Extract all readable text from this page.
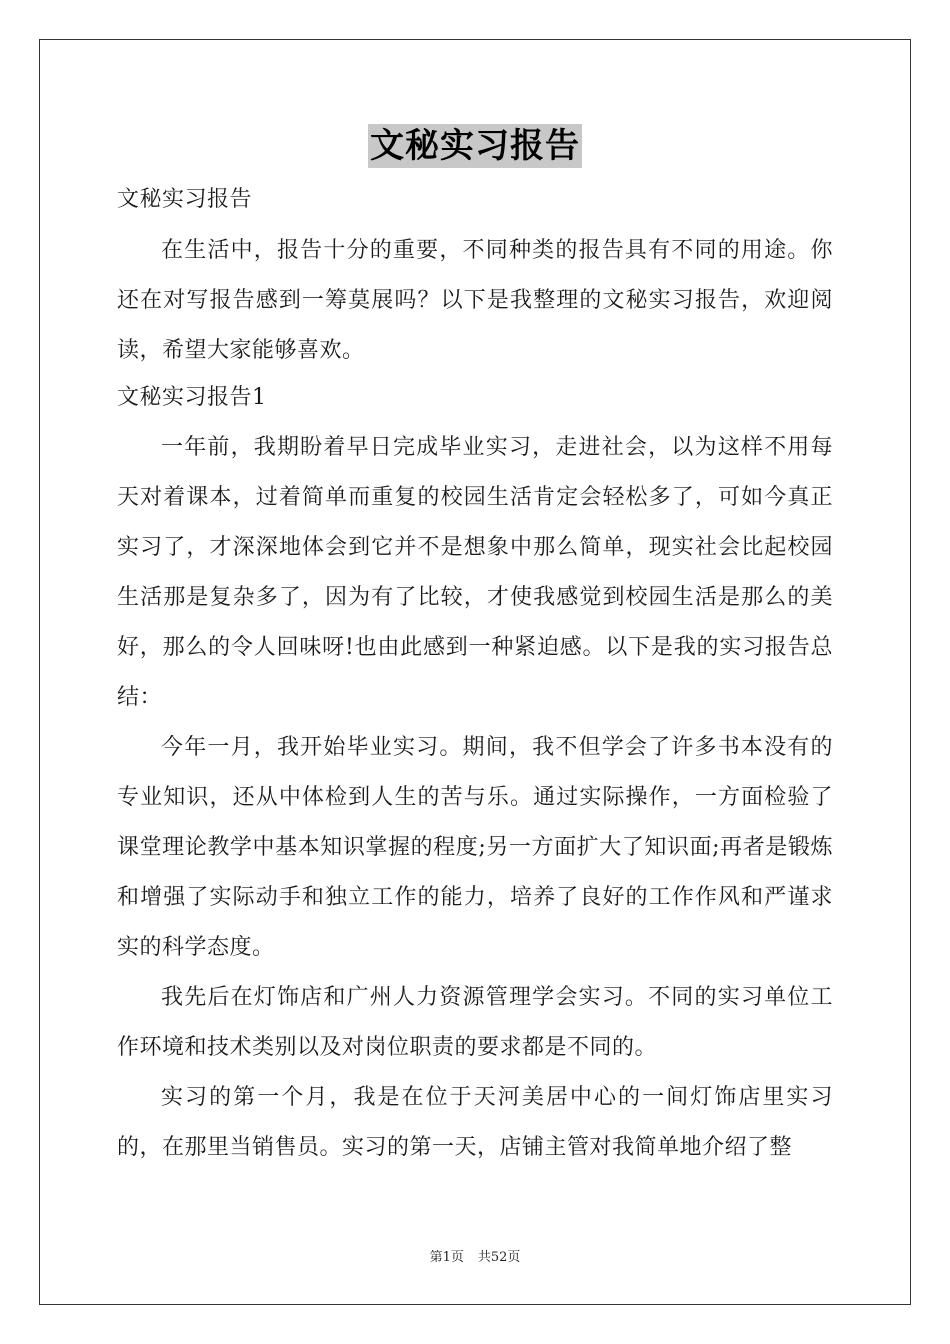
文秘实习报告

文秘实习报告

在生活中，报告十分的重要，不同种类的报告具有不同的用途。你还在对写报告感到一筹莫展吗？以下是我整理的文秘实习报告，欢迎阅读，希望大家能够喜欢。

文秘实习报告1

一年前，我期盼着早日完成毕业实习，走进社会，以为这样不用每天对着课本，过着简单而重复的校园生活肯定会轻松多了，可如今真正实习了，才深深地体会到它并不是想象中那么简单，现实社会比起校园生活那是复杂多了，因为有了比较，才使我感觉到校园生活是那么的美好，那么的令人回味呀!也由此感到一种紧迫感。以下是我的实习报告总结：

今年一月，我开始毕业实习。期间，我不但学会了许多书本没有的专业知识，还从中体检到人生的苦与乐。通过实际操作，一方面检验了课堂理论教学中基本知识掌握的程度;另一方面扩大了知识面;再者是锻炼和增强了实际动手和独立工作的能力，培养了良好的工作作风和严谨求实的科学态度。

我先后在灯饰店和广州人力资源管理学会实习。不同的实习单位工作环境和技术类别以及对岗位职责的要求都是不同的。

实习的第一个月，我是在位于天河美居中心的一间灯饰店里实习的，在那里当销售员。实习的第一天，店铺主管对我简单地介绍了整

第1页 共52页
